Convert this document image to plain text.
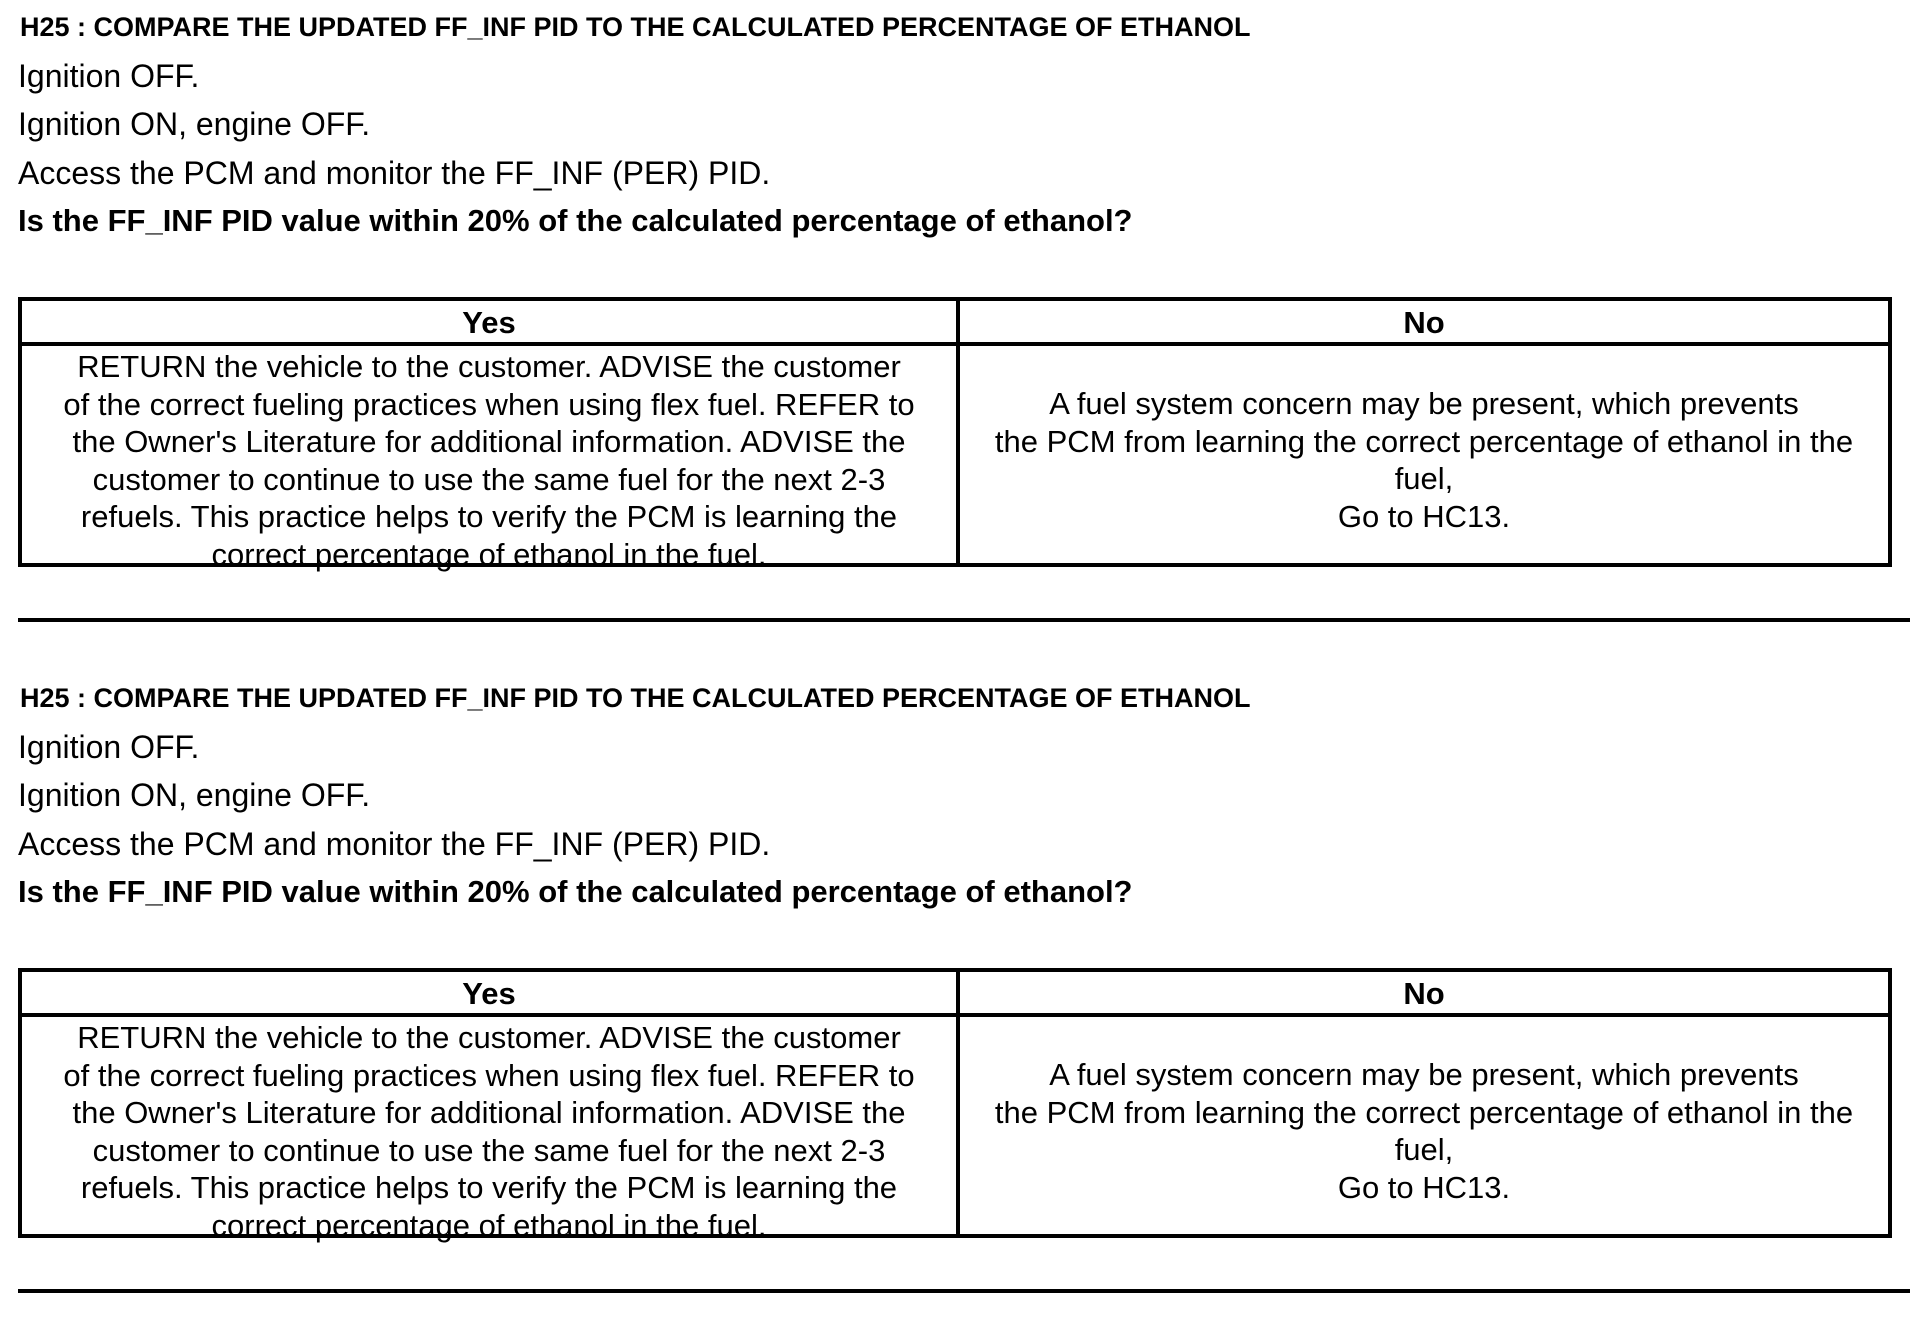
H25 : COMPARE THE UPDATED FF_INF PID TO THE CALCULATED PERCENTAGE OF ETHANOL
Ignition OFF.
Ignition ON, engine OFF.
Access the PCM and monitor the FF_INF (PER) PID.
Is the FF_INF PID value within 20% of the calculated percentage of ethanol?
Yes	No
RETURN the vehicle to the customer. ADVISE the customer
of the correct fueling practices when using flex fuel. REFER to
the Owner's Literature for additional information. ADVISE the
customer to continue to use the same fuel for the next 2-3
refuels. This practice helps to verify the PCM is learning the
correct percentage of ethanol in the fuel.
A fuel system concern may be present, which prevents
the PCM from learning the correct percentage of ethanol in the
fuel,
Go to HC13.
H25 : COMPARE THE UPDATED FF_INF PID TO THE CALCULATED PERCENTAGE OF ETHANOL
Ignition OFF.
Ignition ON, engine OFF.
Access the PCM and monitor the FF_INF (PER) PID.
Is the FF_INF PID value within 20% of the calculated percentage of ethanol?
Yes	No
RETURN the vehicle to the customer. ADVISE the customer
of the correct fueling practices when using flex fuel. REFER to
the Owner's Literature for additional information. ADVISE the
customer to continue to use the same fuel for the next 2-3
refuels. This practice helps to verify the PCM is learning the
correct percentage of ethanol in the fuel.
A fuel system concern may be present, which prevents
the PCM from learning the correct percentage of ethanol in the
fuel,
Go to HC13.
